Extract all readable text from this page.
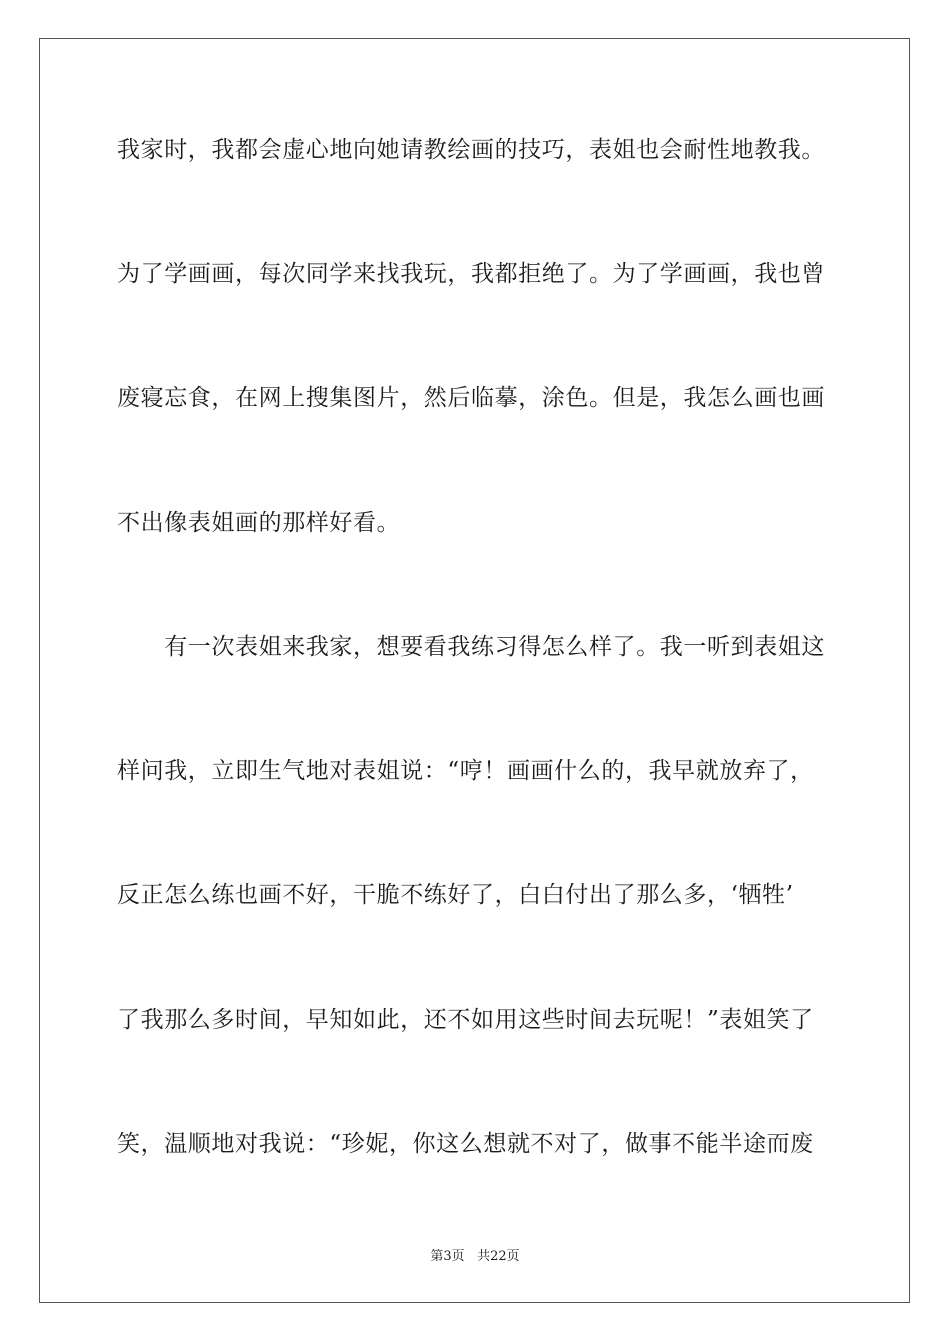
我家时，我都会虚心地向她请教绘画的技巧，表姐也会耐性地教我。
为了学画画，每次同学来找我玩，我都拒绝了。为了学画画，我也曾
废寝忘食，在网上搜集图片，然后临摹，涂色。但是，我怎么画也画
不出像表姐画的那样好看。
　　有一次表姐来我家，想要看我练习得怎么样了。我一听到表姐这
样问我，立即生气地对表姐说：“哼！画画什么的，我早就放弃了，
反正怎么练也画不好，干脆不练好了，白白付出了那么多，‘牺牲’
了我那么多时间，早知如此，还不如用这些时间去玩呢！”表姐笑了
笑，温顺地对我说：“珍妮，你这么想就不对了，做事不能半途而废
第3页 共22页
